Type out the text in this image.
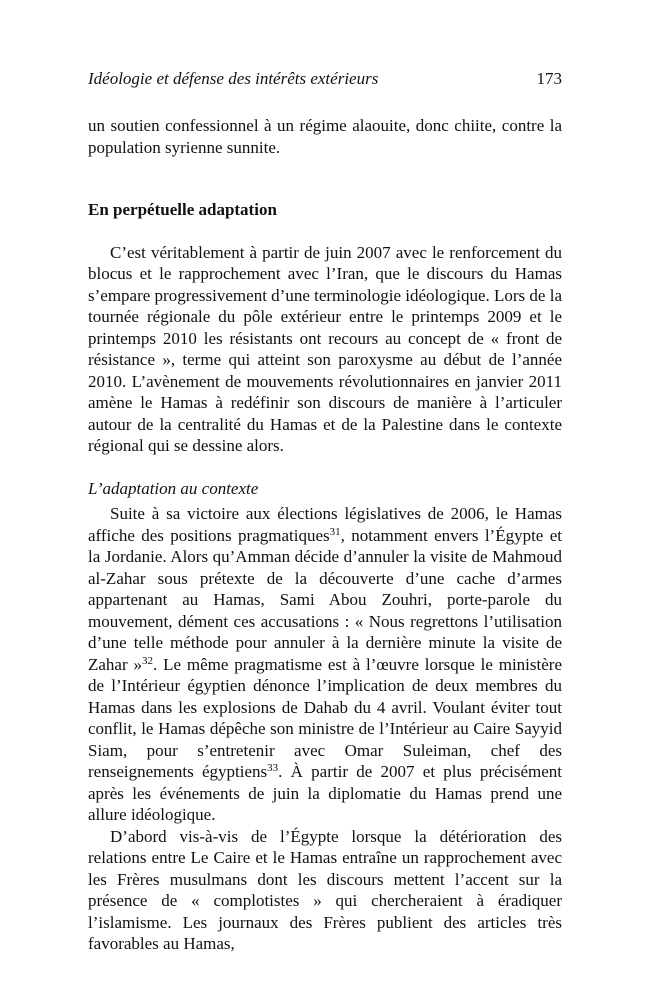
Idéologie et défense des intérêts extérieurs	173

un soutien confessionnel à un régime alaouite, donc chiite, contre la population syrienne sunnite.

En perpétuelle adaptation

C’est véritablement à partir de juin 2007 avec le renforcement du blocus et le rapprochement avec l’Iran, que le discours du Hamas s’empare progressivement d’une terminologie idéologique. Lors de la tournée régionale du pôle extérieur entre le printemps 2009 et le printemps 2010 les résistants ont recours au concept de « front de résistance », terme qui atteint son paroxysme au début de l’année 2010. L’avènement de mouvements révolutionnaires en janvier 2011 amène le Hamas à redéfinir son discours de manière à l’articuler autour de la centralité du Hamas et de la Palestine dans le contexte régional qui se dessine alors.

L’adaptation au contexte

Suite à sa victoire aux élections législatives de 2006, le Hamas affiche des positions pragmatiques$^{31}$, notamment envers l’Égypte et la Jordanie. Alors qu’Amman décide d’annuler la visite de Mahmoud al-Zahar sous prétexte de la découverte d’une cache d’armes appartenant au Hamas, Sami Abou Zouhri, porte-parole du mouvement, dément ces accusations : « Nous regrettons l’utilisation d’une telle méthode pour annuler à la dernière minute la visite de Zahar »$^{32}$. Le même pragmatisme est à l’œuvre lorsque le ministère de l’Intérieur égyptien dénonce l’implication de deux membres du Hamas dans les explosions de Dahab du 4 avril. Voulant éviter tout conflit, le Hamas dépêche son ministre de l’Intérieur au Caire Sayyid Siam, pour s’entretenir avec Omar Suleiman, chef des renseignements égyptiens$^{33}$. À partir de 2007 et plus précisément après les événements de juin la diplomatie du Hamas prend une allure idéologique.

D’abord vis-à-vis de l’Égypte lorsque la détérioration des relations entre Le Caire et le Hamas entraîne un rapprochement avec les Frères musulmans dont les discours mettent l’accent sur la présence de « complotistes » qui chercheraient à éradiquer l’islamisme. Les journaux des Frères publient des articles très favorables au Hamas,
